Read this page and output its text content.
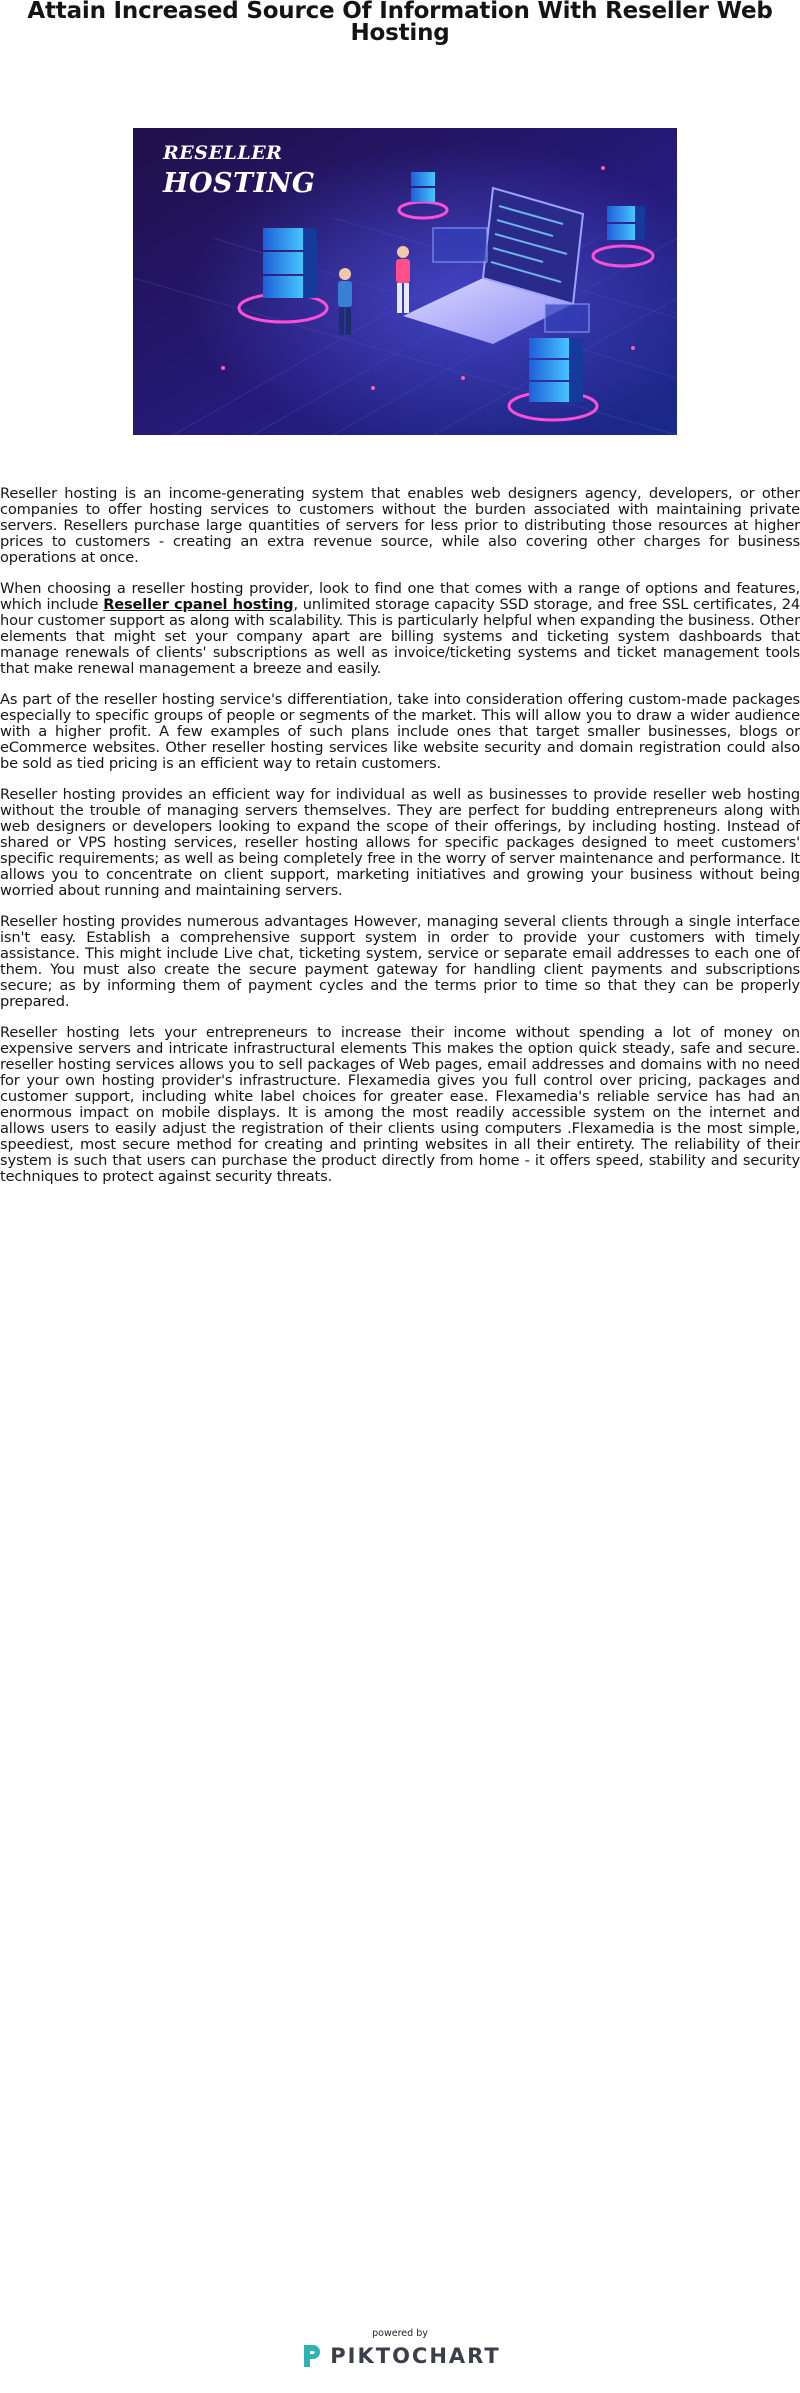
Attain Increased Source Of Information With Reseller Web Hosting
RESELLER
HOSTING

Reseller hosting is an income-generating system that enables web designers agency, developers, or other companies to offer hosting services to customers without the burden associated with maintaining private servers. Resellers purchase large quantities of servers for less prior to distributing those resources at higher prices to customers - creating an extra revenue source, while also covering other charges for business operations at once.

When choosing a reseller hosting provider, look to find one that comes with a range of options and features, which include Reseller cpanel hosting, unlimited storage capacity SSD storage, and free SSL certificates, 24 hour customer support as along with scalability. This is particularly helpful when expanding the business. Other elements that might set your company apart are billing systems and ticketing system dashboards that manage renewals of clients' subscriptions as well as invoice/ticketing systems and ticket management tools that make renewal management a breeze and easily.

As part of the reseller hosting service's differentiation, take into consideration offering custom-made packages especially to specific groups of people or segments of the market. This will allow you to draw a wider audience with a higher profit. A few examples of such plans include ones that target smaller businesses, blogs or eCommerce websites. Other reseller hosting services like website security and domain registration could also be sold as tied pricing is an efficient way to retain customers.

Reseller hosting provides an efficient way for individual as well as businesses to provide reseller web hosting without the trouble of managing servers themselves. They are perfect for budding entrepreneurs along with web designers or developers looking to expand the scope of their offerings, by including hosting. Instead of shared or VPS hosting services, reseller hosting allows for specific packages designed to meet customers' specific requirements; as well as being completely free in the worry of server maintenance and performance. It allows you to concentrate on client support, marketing initiatives and growing your business without being worried about running and maintaining servers.

Reseller hosting provides numerous advantages However, managing several clients through a single interface isn't easy. Establish a comprehensive support system in order to provide your customers with timely assistance. This might include Live chat, ticketing system, service or separate email addresses to each one of them. You must also create the secure payment gateway for handling client payments and subscriptions secure; as by informing them of payment cycles and the terms prior to time so that they can be properly prepared.

Reseller hosting lets your entrepreneurs to increase their income without spending a lot of money on expensive servers and intricate infrastructural elements This makes the option quick steady, safe and secure. reseller hosting services allows you to sell packages of Web pages, email addresses and domains with no need for your own hosting provider's infrastructure. Flexamedia gives you full control over pricing, packages and customer support, including white label choices for greater ease. Flexamedia's reliable service has had an enormous impact on mobile displays. It is among the most readily accessible system on the internet and allows users to easily adjust the registration of their clients using computers .Flexamedia is the most simple, speediest, most secure method for creating and printing websites in all their entirety. The reliability of their system is such that users can purchase the product directly from home - it offers speed, stability and security techniques to protect against security threats.

powered by
PIKTOCHART
